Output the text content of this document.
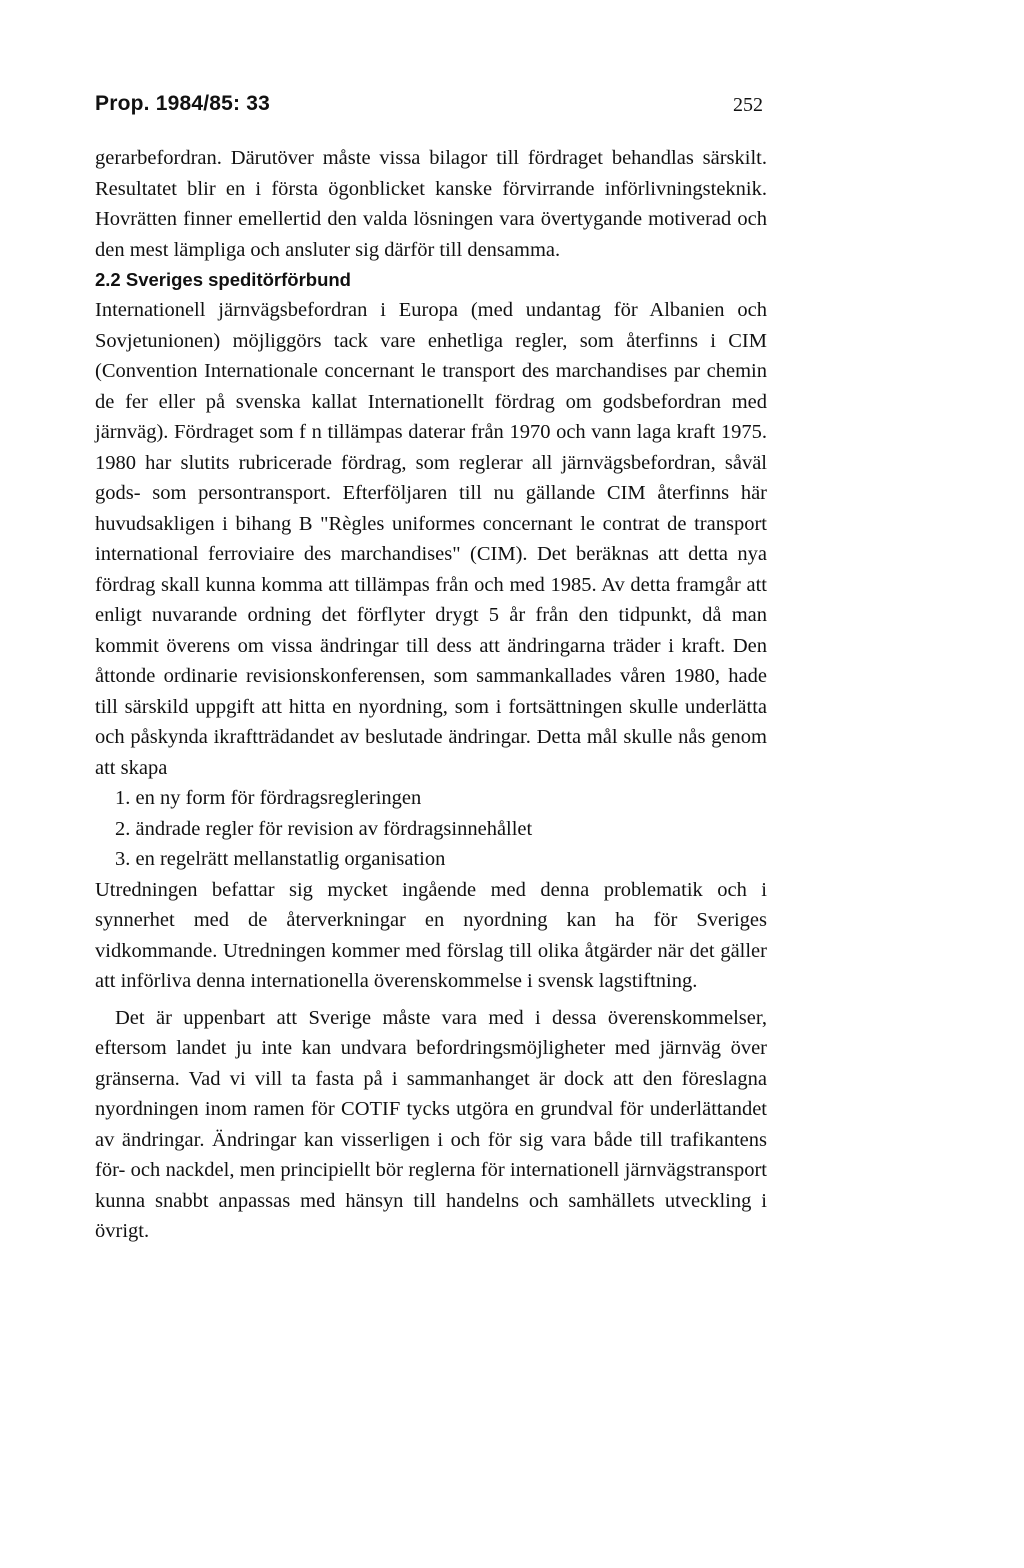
Prop. 1984/85: 33	252

gerarbefordran. Därutöver måste vissa bilagor till fördraget behandlas särskilt. Resultatet blir en i första ögonblicket kanske förvirrande införlivningsteknik. Hovrätten finner emellertid den valda lösningen vara övertygande motiverad och den mest lämpliga och ansluter sig därför till densamma.

2.2 Sveriges speditörförbund

Internationell järnvägsbefordran i Europa (med undantag för Albanien och Sovjetunionen) möjliggörs tack vare enhetliga regler, som återfinns i CIM (Convention Internationale concernant le transport des marchandises par chemin de fer eller på svenska kallat Internationellt fördrag om godsbefordran med järnväg). Fördraget som f n tillämpas daterar från 1970 och vann laga kraft 1975. 1980 har slutits rubricerade fördrag, som reglerar all järnvägsbefordran, såväl gods- som persontransport. Efterföljaren till nu gällande CIM återfinns här huvudsakligen i bihang B "Règles uniformes concernant le contrat de transport international ferroviaire des marchandises" (CIM). Det beräknas att detta nya fördrag skall kunna komma att tillämpas från och med 1985. Av detta framgår att enligt nuvarande ordning det förflyter drygt 5 år från den tidpunkt, då man kommit överens om vissa ändringar till dess att ändringarna träder i kraft. Den åttonde ordinarie revisionskonferensen, som sammankallades våren 1980, hade till särskild uppgift att hitta en nyordning, som i fortsättningen skulle underlätta och påskynda ikraftträdandet av beslutade ändringar. Detta mål skulle nås genom att skapa

1. en ny form för fördragsregleringen
2. ändrade regler för revision av fördragsinnehållet
3. en regelrätt mellanstatlig organisation

Utredningen befattar sig mycket ingående med denna problematik och i synnerhet med de återverkningar en nyordning kan ha för Sveriges vidkommande. Utredningen kommer med förslag till olika åtgärder när det gäller att införliva denna internationella överenskommelse i svensk lagstiftning.

Det är uppenbart att Sverige måste vara med i dessa överenskommelser, eftersom landet ju inte kan undvara befordringsmöjligheter med järnväg över gränserna. Vad vi vill ta fasta på i sammanhanget är dock att den föreslagna nyordningen inom ramen för COTIF tycks utgöra en grundval för underlättandet av ändringar. Ändringar kan visserligen i och för sig vara både till trafikantens för- och nackdel, men principiellt bör reglerna för internationell järnvägstransport kunna snabbt anpassas med hänsyn till handelns och samhällets utveckling i övrigt.
